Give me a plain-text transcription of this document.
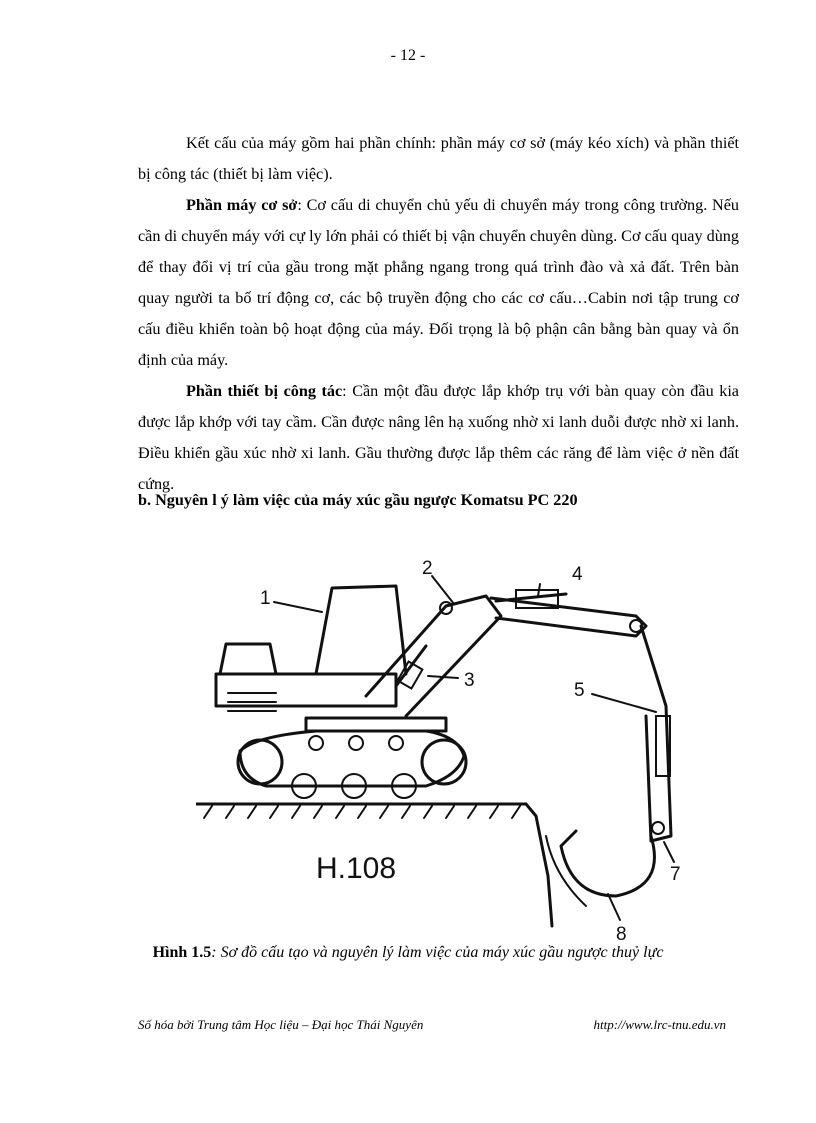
- 12 -

Kết cấu của máy gồm hai phần chính: phần máy cơ sở (máy kéo xích) và phần thiết bị công tác (thiết bị làm việc).

Phần máy cơ sở: Cơ cấu di chuyển chủ yếu di chuyển máy trong công trường. Nếu cần di chuyển máy với cự ly lớn phải có thiết bị vận chuyển chuyên dùng. Cơ cấu quay dùng để thay đổi vị trí của gầu trong mặt phẳng ngang trong quá trình đào và xả đất. Trên bàn quay người ta bố trí động cơ, các bộ truyền động cho các cơ cấu…Cabin nơi tập trung cơ cấu điều khiển toàn bộ hoạt động của máy. Đối trọng là bộ phận cân bằng bàn quay và ổn định của máy.

Phần thiết bị công tác: Cần một đầu được lắp khớp trụ với bàn quay còn đầu kia được lắp khớp với tay cầm. Cần được nâng lên hạ xuống nhờ xi lanh duỗi được nhờ xi lanh. Điều khiển gầu xúc nhờ xi lanh. Gầu thường được lắp thêm các răng để làm việc ở nền đất cứng.

b. Nguyên l ý làm việc của máy xúc gầu ngược Komatsu PC 220
1
2
3
4
5
7
8
H.108
Hình 1.5: Sơ đồ cấu tạo và nguyên lý làm việc của máy xúc gầu ngược thuỷ lực
Số hóa bởi Trung tâm Học liệu – Đại học Thái Nguyên	http://www.lrc-tnu.edu.vn
